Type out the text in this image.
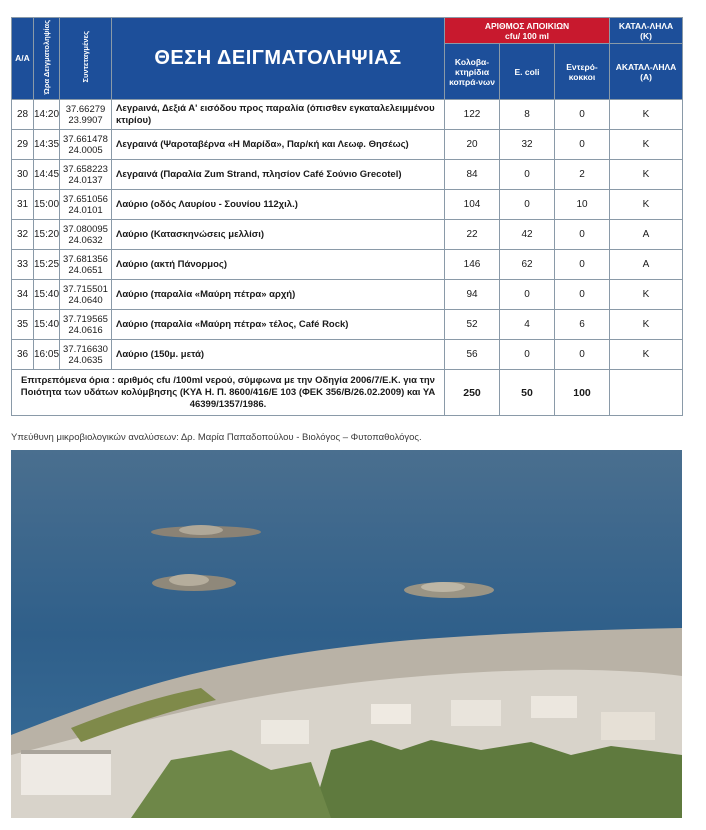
Α/Α	Ώρα Δειγματοληψίας	Συντεταγμένες	ΘΕΣΗ ΔΕΙΓΜΑΤΟΛΗΨΙΑΣ	ΑΡΙΘΜΟΣ ΑΠΟΙΚΙΩΝ
cfu/ 100 ml			ΚΑΤΑΛ-ΛΗΛΑ (Κ)

				Κολοβα-κτηρίδια κοπρά-νων	E. coli	Εντερό-κοκκοι	ΑΚΑΤΑΛ-ΛΗΛΑ (Α)

28	14:20	37.66279
23.9907	Λεγρaινά, Δεξιά Α' εισόδου προς παραλία (όπισθεν εγκαταλελειμμένου κτιρίου)	122	8	0	Κ
29	14:35	37.661478
24.0005	Λεγραινά (Ψαροταβέρνα «Η Μαρίδα», Παρ/κή και Λεωφ. Θησέως)	20	32	0	Κ
30	14:45	37.658223
24.0137	Λεγραινά (Παραλία Zum Strand, πλησίον Café Σούνιο Grecotel)	84	0	2	Κ
31	15:00	37.651056
24.0101	Λαύριο (οδός Λαυρίου - Σουνίου 112χιλ.)	104	0	10	Κ
32	15:20	37.080095
24.0632	Λαύριο (Κατασκηνώσεις μελλίσι)	22	42	0	Α
33	15:25	37.681356
24.0651	Λαύριο (ακτή Πάνορμος)	146	62	0	Α
34	15:40	37.715501
24.0640	Λαύριο (παραλία «Μαύρη πέτρα» αρχή)	94	0	0	Κ
35	15:40	37.719565
24.0616	Λαύριο (παραλία «Μαύρη πέτρα» τέλος, Café Rock)	52	4	6	Κ
36	16:05	37.716630
24.0635	Λαύριο (150μ. μετά)	56	0	0	Κ
Επιτρεπόμενα όρια : αριθμός cfu /100ml νερού, σύμφωνα με την Οδηγία 2006/7/Ε.Κ. για την Ποιότητα των υδάτων κολύμβησης (ΚΥΑ Η. Π. 8600/416/Ε 103 (ΦΕΚ 356/Β/26.02.2009) και ΥΑ 46399/1357/1986.				250	50	100	
Υπεύθυνη μικροβιολογικών αναλύσεων: Δρ. Μαρία Παπαδοπούλου - Βιολόγος – Φυτοπαθολόγος.
